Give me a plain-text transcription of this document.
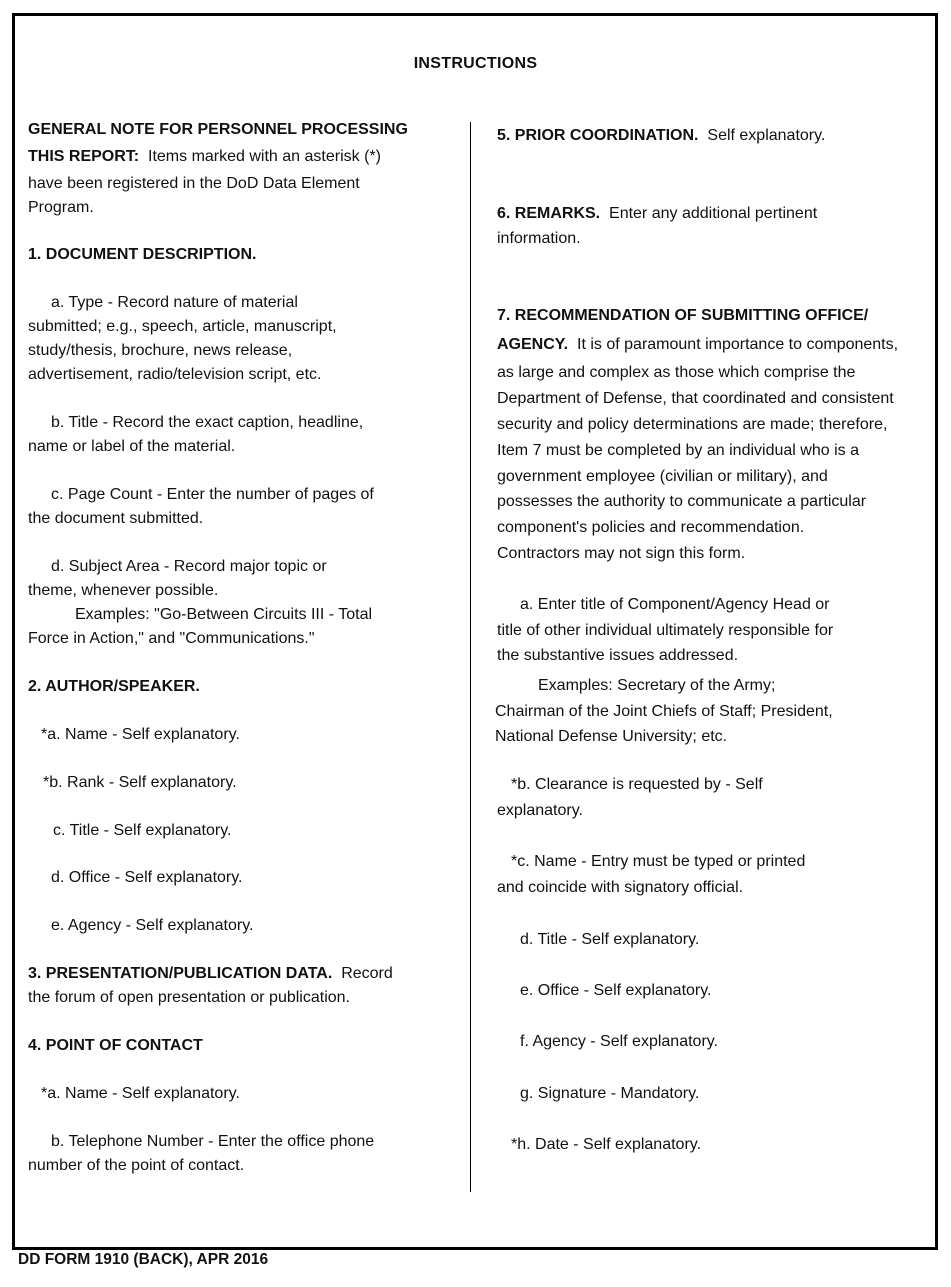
INSTRUCTIONS
GENERAL NOTE FOR PERSONNEL PROCESSING
THIS REPORT: Items marked with an asterisk (*)
have been registered in the DoD Data Element
Program.
1. DOCUMENT DESCRIPTION.
a. Type - Record nature of material
submitted; e.g., speech, article, manuscript,
study/thesis, brochure, news release,
advertisement, radio/television script, etc.
b. Title - Record the exact caption, headline,
name or label of the material.
c. Page Count - Enter the number of pages of
the document submitted.
d. Subject Area - Record major topic or
theme, whenever possible.
Examples: "Go-Between Circuits III - Total
Force in Action," and "Communications."
2. AUTHOR/SPEAKER.
*a. Name - Self explanatory.
*b. Rank - Self explanatory.
c. Title - Self explanatory.
d. Office - Self explanatory.
e. Agency - Self explanatory.
3. PRESENTATION/PUBLICATION DATA. Record
the forum of open presentation or publication.
4. POINT OF CONTACT
*a. Name - Self explanatory.
b. Telephone Number - Enter the office phone
number of the point of contact.
5. PRIOR COORDINATION. Self explanatory.
6. REMARKS. Enter any additional pertinent
information.
7. RECOMMENDATION OF SUBMITTING OFFICE/
AGENCY. It is of paramount importance to components,
as large and complex as those which comprise the
Department of Defense, that coordinated and consistent
security and policy determinations are made; therefore,
Item 7 must be completed by an individual who is a
government employee (civilian or military), and
possesses the authority to communicate a particular
component's policies and recommendation.
Contractors may not sign this form.
a. Enter title of Component/Agency Head or
title of other individual ultimately responsible for
the substantive issues addressed.
Examples: Secretary of the Army;
Chairman of the Joint Chiefs of Staff; President,
National Defense University; etc.
*b. Clearance is requested by - Self
explanatory.
*c. Name - Entry must be typed or printed
and coincide with signatory official.
d. Title - Self explanatory.
e. Office - Self explanatory.
f. Agency - Self explanatory.
g. Signature - Mandatory.
*h. Date - Self explanatory.
DD FORM 1910 (BACK), APR 2016
